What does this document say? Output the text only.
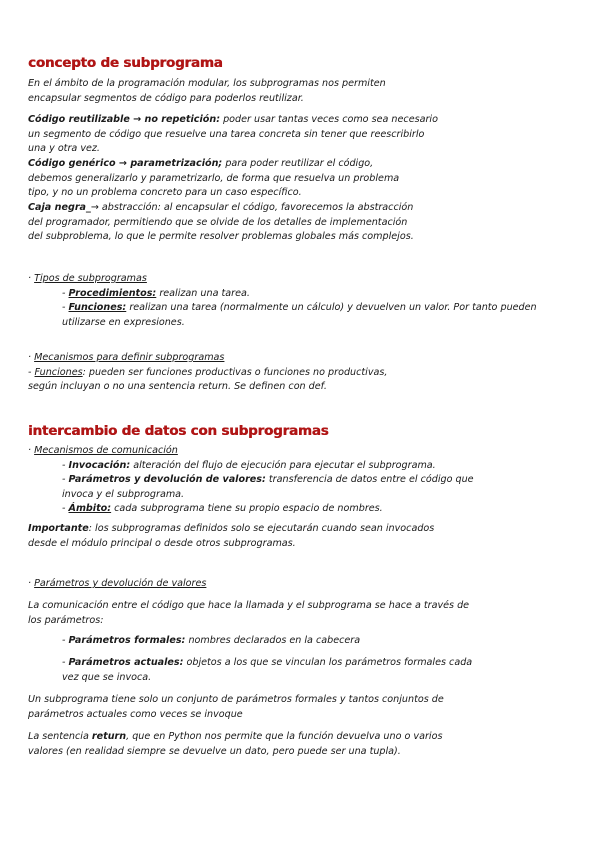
concepto de subprograma

En el ámbito de la programación modular, los subprogramas nos permiten encapsular segmentos de código para poderlos reutilizar.

Código reutilizable → no repetición: poder usar tantas veces como sea necesario un segmento de código que resuelve una tarea concreta sin tener que reescribirlo una y otra vez.

Código genérico → parametrización; para poder reutilizar el código, debemos generalizarlo y parametrizarlo, de forma que resuelva un problema tipo, y no un problema concreto para un caso específico.

Caja negra_→ abstracción: al encapsular el código, favorecemos la abstracción del programador, permitiendo que se olvide de los detalles de implementación del subproblema, lo que le permite resolver problemas globales más complejos.

· Tipos de subprogramas

- Procedimientos: realizan una tarea.

- Funciones: realizan una tarea (normalmente un cálculo) y devuelven un valor. Por tanto pueden
utilizarse en expresiones.

· Mecanismos para definir subprogramas

- Funciones: pueden ser funciones productivas o funciones no productivas, según incluyan o no una sentencia return. Se definen con def.

intercambio de datos con subprogramas

· Mecanismos de comunicación

- Invocación: alteración del flujo de ejecución para ejecutar el subprograma.

- Parámetros y devolución de valores: transferencia de datos entre el código que
invoca y el subprograma.

- Ámbito: cada subprograma tiene su propio espacio de nombres.

Importante: los subprogramas definidos solo se ejecutarán cuando sean invocados desde el módulo principal o desde otros subprogramas.

· Parámetros y devolución de valores

La comunicación entre el código que hace la llamada y el subprograma se hace a través de los parámetros:

- Parámetros formales: nombres declarados en la cabecera

- Parámetros actuales: objetos a los que se vinculan los parámetros formales cada
vez que se invoca.

Un subprograma tiene solo un conjunto de parámetros formales y tantos conjuntos de parámetros actuales como veces se invoque

La sentencia return, que en Python nos permite que la función devuelva uno o varios valores (en realidad siempre se devuelve un dato, pero puede ser una tupla).
